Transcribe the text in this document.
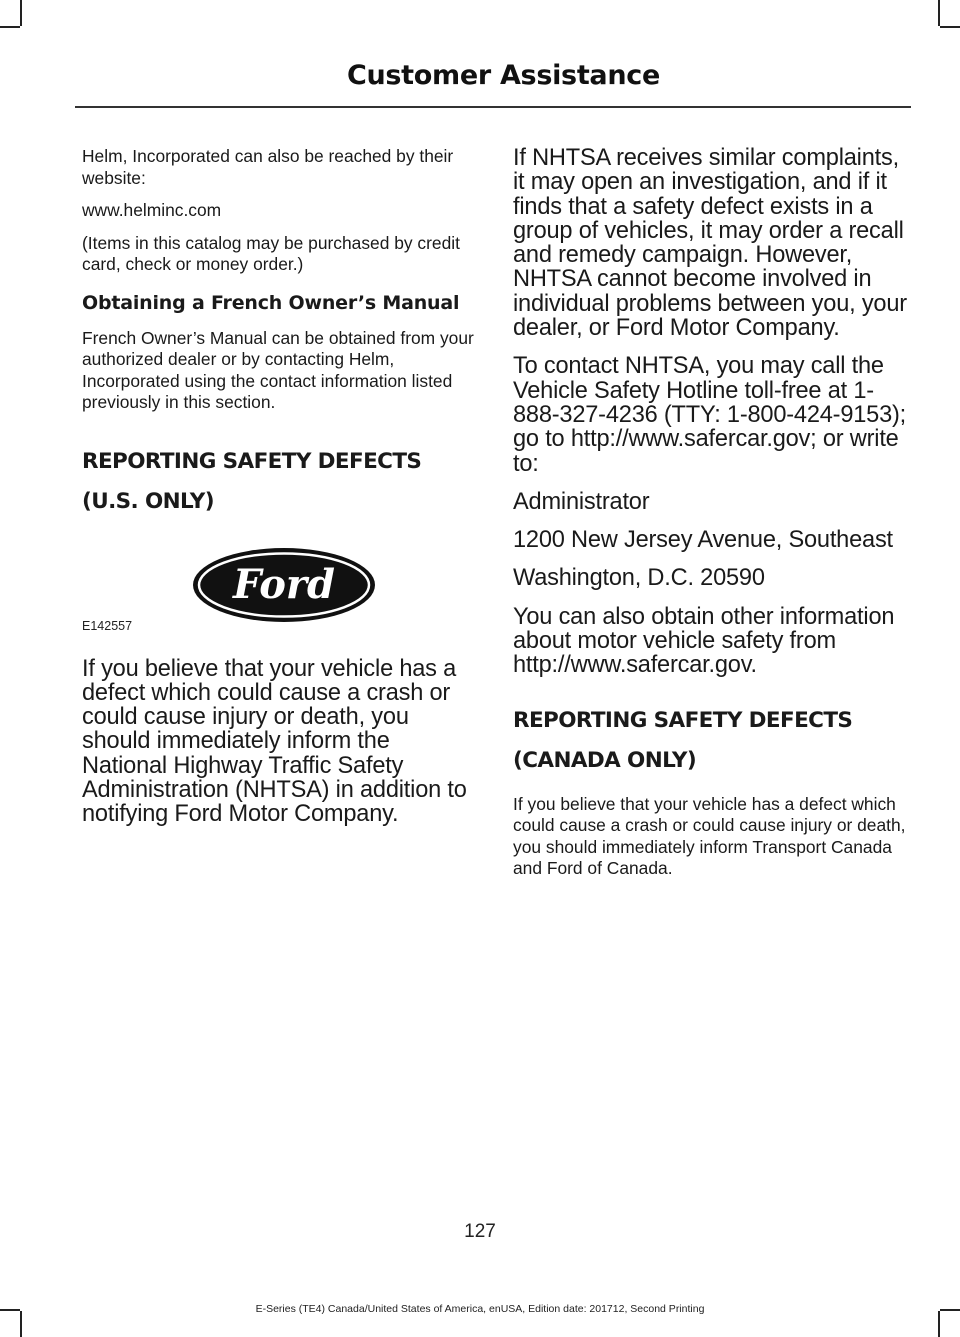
Customer Assistance

Helm, Incorporated can also be reached by their website:

www.helminc.com

(Items in this catalog may be purchased by credit card, check or money order.)

Obtaining a French Owner’s Manual

French Owner’s Manual can be obtained from your authorized dealer or by contacting Helm, Incorporated using the contact information listed previously in this section.

REPORTING SAFETY DEFECTS
(U.S. ONLY)
Ford
E142557

If you believe that your vehicle has a defect which could cause a crash or could cause injury or death, you should immediately inform the National Highway Traffic Safety Administration (NHTSA) in addition to notifying Ford Motor Company.

If NHTSA receives similar complaints, it may open an investigation, and if it finds that a safety defect exists in a group of vehicles, it may order a recall and remedy campaign. However, NHTSA cannot become involved in individual problems between you, your dealer, or Ford Motor Company.

To contact NHTSA, you may call the Vehicle Safety Hotline toll-free at 1-888-327-4236 (TTY: 1-800-424-9153); go to http://www.safercar.gov; or write to:

Administrator

1200 New Jersey Avenue, Southeast

Washington, D.C. 20590

You can also obtain other information about motor vehicle safety from http://www.safercar.gov.

REPORTING SAFETY DEFECTS
(CANADA ONLY)

If you believe that your vehicle has a defect which could cause a crash or could cause injury or death, you should immediately inform Transport Canada and Ford of Canada.

127
E-Series (TE4) Canada/United States of America, enUSA, Edition date: 201712, Second Printing
